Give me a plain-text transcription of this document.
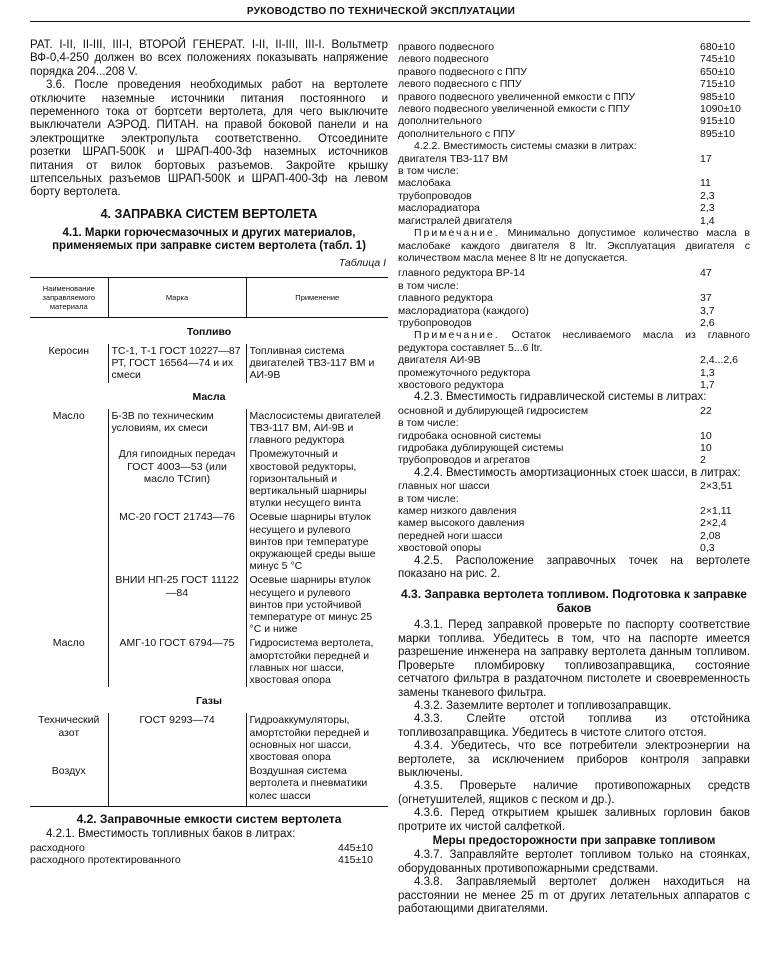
РУКОВОДСТВО ПО ТЕХНИЧЕСКОЙ ЭКСПЛУАТАЦИИ

РАТ. I-II, II-III, III-I, ВТОРОЙ ГЕНЕРАТ. I-II, II-III, III-I. Вольтметр ВФ-0,4-250 должен во всех положениях показывать напряжение порядка 204...208 V.

3.6. После проведения необходимых работ на вертолете отключите наземные источники питания постоянного и переменного тока от бортсети вертолета, для чего выключите выключатели АЭРОД. ПИТАН. на правой боковой панели и на электрощитке электропульта соответственно. Отсоедините розетки ШРАП-500К и ШРАП-400-3ф наземных источников питания от вилок бортовых разъемов. Закройте крышку штепсельных разъемов ШРАП-500К и ШРАП-400-3ф на левом борту вертолета.

4. ЗАПРАВКА СИСТЕМ ВЕРТОЛЕТА
4.1. Марки горючесмазочных и других материалов, применяемых при заправке систем вертолета (табл. 1)
Таблица I
Наименование заправляемого материала	Марка	Применение
Топливо		
Керосин	ТС-1, Т-1 ГОСТ 10227—87 РТ, ГОСТ 16564—74 и их смеси	Топливная система двигателей ТВЗ-117 ВМ и АИ-9В
Масла		
Масло	Б-3В по техническим условиям, их смеси	Маслосистемы двигателей ТВЗ-117 ВМ, АИ-9В и главного редуктора
	Для гипоидных передач ГОСТ 4003—53 (или масло ТСгип)	Промежуточный и хвостовой редукторы, горизонтальный и вертикальный шарниры втулки несущего винта
	МС-20 ГОСТ 21743—76	Осевые шарниры втулок несущего и рулевого винтов при температуре окружающей среды выше минус 5 °С
	ВНИИ НП-25 ГОСТ 11122—84	Осевые шарниры втулок несущего и рулевого винтов при устойчивой температуре от минус 25 °С и ниже
Масло	АМГ-10 ГОСТ 6794—75	Гидросистема вертолета, амортстойки передней и главных ног шасси, хвостовая опора
Газы		
Технический азот	ГОСТ 9293—74	Гидроаккумуляторы, амортстойки передней и основных ног шасси, хвостовая опора
Воздух		Воздушная система вертолета и пневматики колес шасси
4.2. Заправочные емкости систем вертолета

4.2.1. Вместимость топливных баков в литрах:

расходного	445±10
расходного протектированного	415±10
правого подвесного	680±10
левого подвесного	745±10
правого подвесного с ППУ	650±10
левого подвесного с ППУ	715±10
правого подвесного увеличенной емкости с ППУ	985±10
левого подвесного увеличенной емкости с ППУ	1090±10
дополнительного	915±10
дополнительного с ППУ	895±10

4.2.2. Вместимость системы смазки в литрах:

двигателя ТВЗ-117 ВМ	17
в том числе:
маслобака	11
трубопроводов	2,3
маслорадиатора	2,3
магистралей двигателя	1,4

Примечание. Минимально допустимое количество масла в маслобаке каждого двигателя 8 ltr. Эксплуатация двигателя с количеством масла менее 8 ltr не допускается.

главного редуктора ВР-14	47
в том числе:
главного редуктора	37
маслорадиатора (каждого)	3,7
трубопроводов	2,6

Примечание. Остаток несливаемого масла из главного редуктора составляет 5...6 ltr.

двигателя АИ-9В	2,4...2,6
промежуточного редуктора	1,3
хвостового редуктора	1,7

4.2.3. Вместимость гидравлической системы в литрах:

основной и дублирующей гидросистем	22
в том числе:
гидробака основной системы	10
гидробака дублирующей системы	10
трубопроводов и агрегатов	2

4.2.4. Вместимость амортизационных стоек шасси, в литрах:

главных ног шасси	2×3,51
в том числе:
камер низкого давления	2×1,11
камер высокого давления	2×2,4
передней ноги шасси	2,08
хвостовой опоры	0,3

4.2.5. Расположение заправочных точек на вертолете показано на рис. 2.

4.3. Заправка вертолета топливом. Подготовка к заправке баков

4.3.1. Перед заправкой проверьте по паспорту соответствие марки топлива. Убедитесь в том, что на паспорте имеется разрешение инженера на заправку вертолета данным топливом. Проверьте пломбировку топливозаправщика, состояние сетчатого фильтра в раздаточном пистолете и своевременность замены тканевого фильтра.

4.3.2. Заземлите вертолет и топливозаправщик.

4.3.3. Слейте отстой топлива из отстойника топливозаправщика. Убедитесь в чистоте слитого отстоя.

4.3.4. Убедитесь, что все потребители электроэнергии на вертолете, за исключением приборов контроля заправки выключены.

4.3.5. Проверьте наличие противопожарных средств (огнетушителей, ящиков с песком и др.).

4.3.6. Перед открытием крышек заливных горловин баков протрите их чистой салфеткой.

Меры предосторожности при заправке топливом

4.3.7. Заправляйте вертолет топливом только на стоянках, оборудованных противопожарными средствами.

4.3.8. Заправляемый вертолет должен находиться на расстоянии не менее 25 m от других летательных аппаратов с работающими двигателями.
